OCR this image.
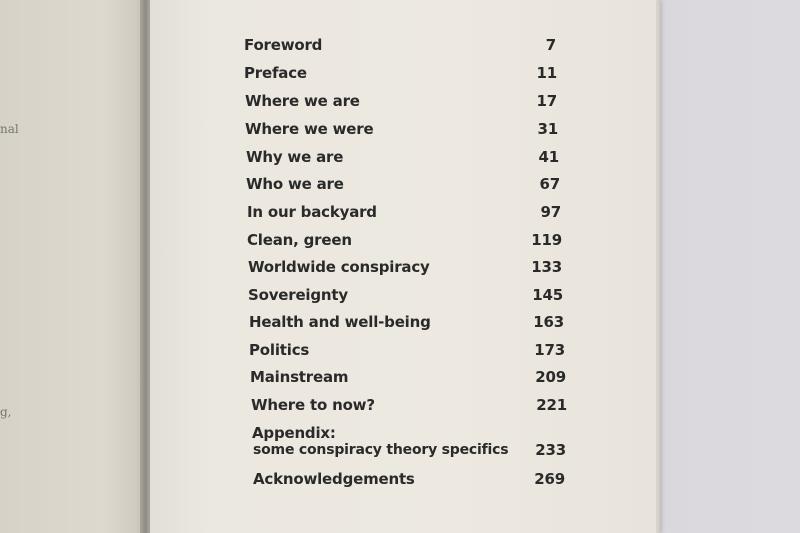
nal
g,
Foreword	7
Preface	11
Where we are	17
Where we were	31
Why we are	41
Who we are	67
In our backyard	97
Clean, green	119
Worldwide conspiracy	133
Sovereignty	145
Health and well-being	163
Politics	173
Mainstream	209
Where to now?	221
Appendix:
some conspiracy theory specifics	233
Acknowledgements	269
